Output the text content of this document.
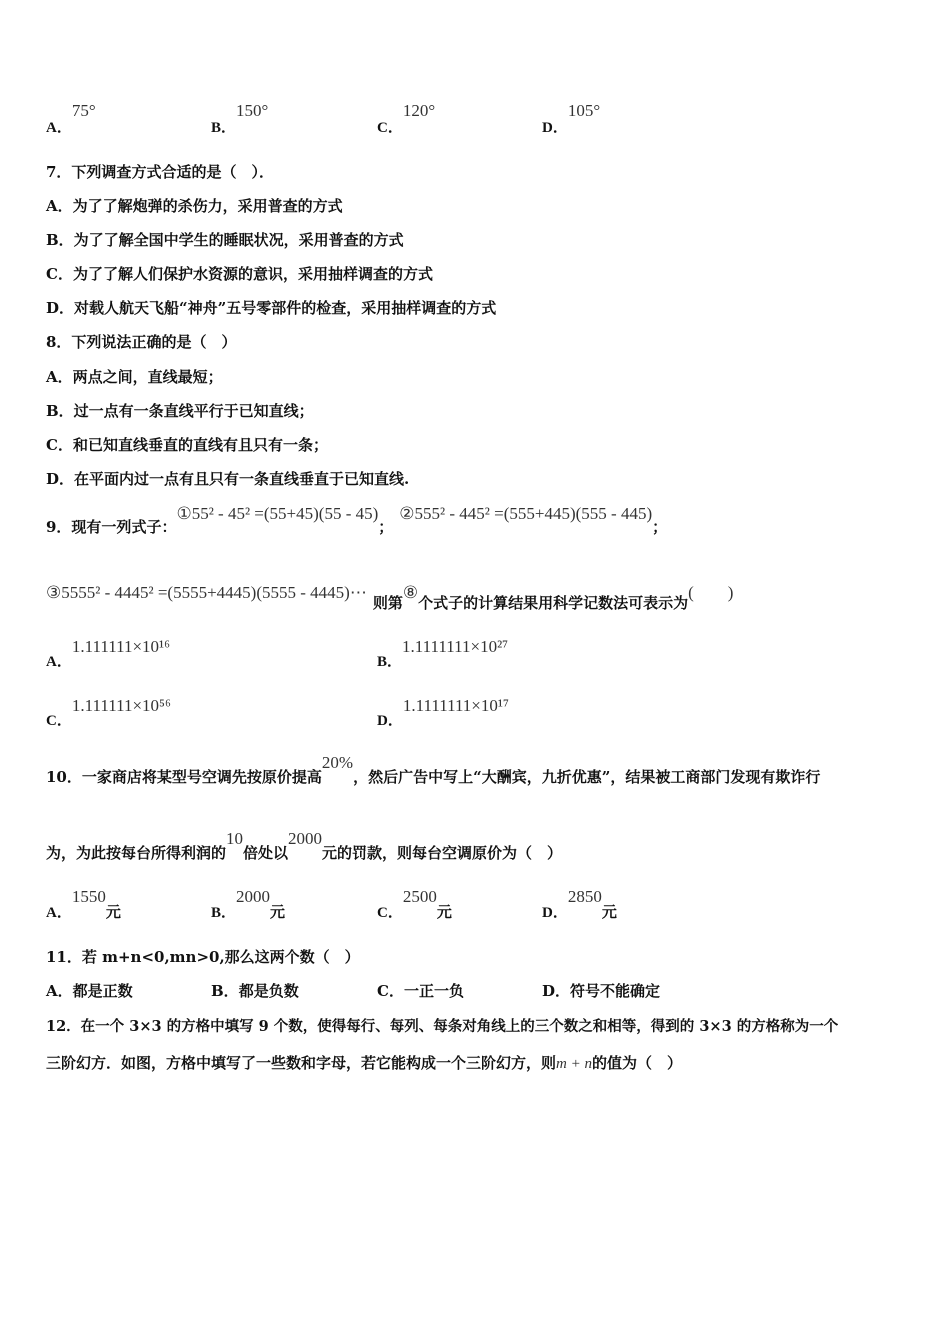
A．75°
B．150°
C．120°
D．105°
7．下列调查方式合适的是（　）．
A．为了了解炮弹的杀伤力，采用普查的方式
B．为了了解全国中学生的睡眠状况，采用普查的方式
C．为了了解人们保护水资源的意识，采用抽样调查的方式
D．对载人航天飞船“神舟”五号零部件的检查，采用抽样调查的方式
8．下列说法正确的是（　）
A．两点之间，直线最短；
B．过一点有一条直线平行于已知直线；
C．和已知直线垂直的直线有且只有一条；
D．在平面内过一点有且只有一条直线垂直于已知直线.
9．现有一列式子：①55² - 45² =(55+45)(55 - 45)；②555² - 445² =(555+445)(555 - 445)；
③5555² - 4445² =(5555+4445)(5555 - 4445)⋯则第⑧个式子的计算结果用科学记数法可表示为(　　)
A．1.111111×10¹⁶
B．1.1111111×10²⁷
C．1.111111×10⁵⁶
D．1.1111111×10¹⁷
10．一家商店将某型号空调先按原价提高20%，然后广告中写上“大酬宾，九折优惠”，结果被工商部门发现有欺诈行
为，为此按每台所得利润的10倍处以2000元的罚款，则每台空调原价为（　）
A．1550元	B．2000元	C．2500元	D．2850元
11．若 m+n<0,mn>0,那么这两个数（　）
A．都是正数	B．都是负数	C．一正一负	D．符号不能确定
12．在一个 3×3 的方格中填写 9 个数，使得每行、每列、每条对角线上的三个数之和相等，得到的 3×3 的方格称为一个
三阶幻方．如图，方格中填写了一些数和字母，若它能构成一个三阶幻方，则m + n的值为（　）
